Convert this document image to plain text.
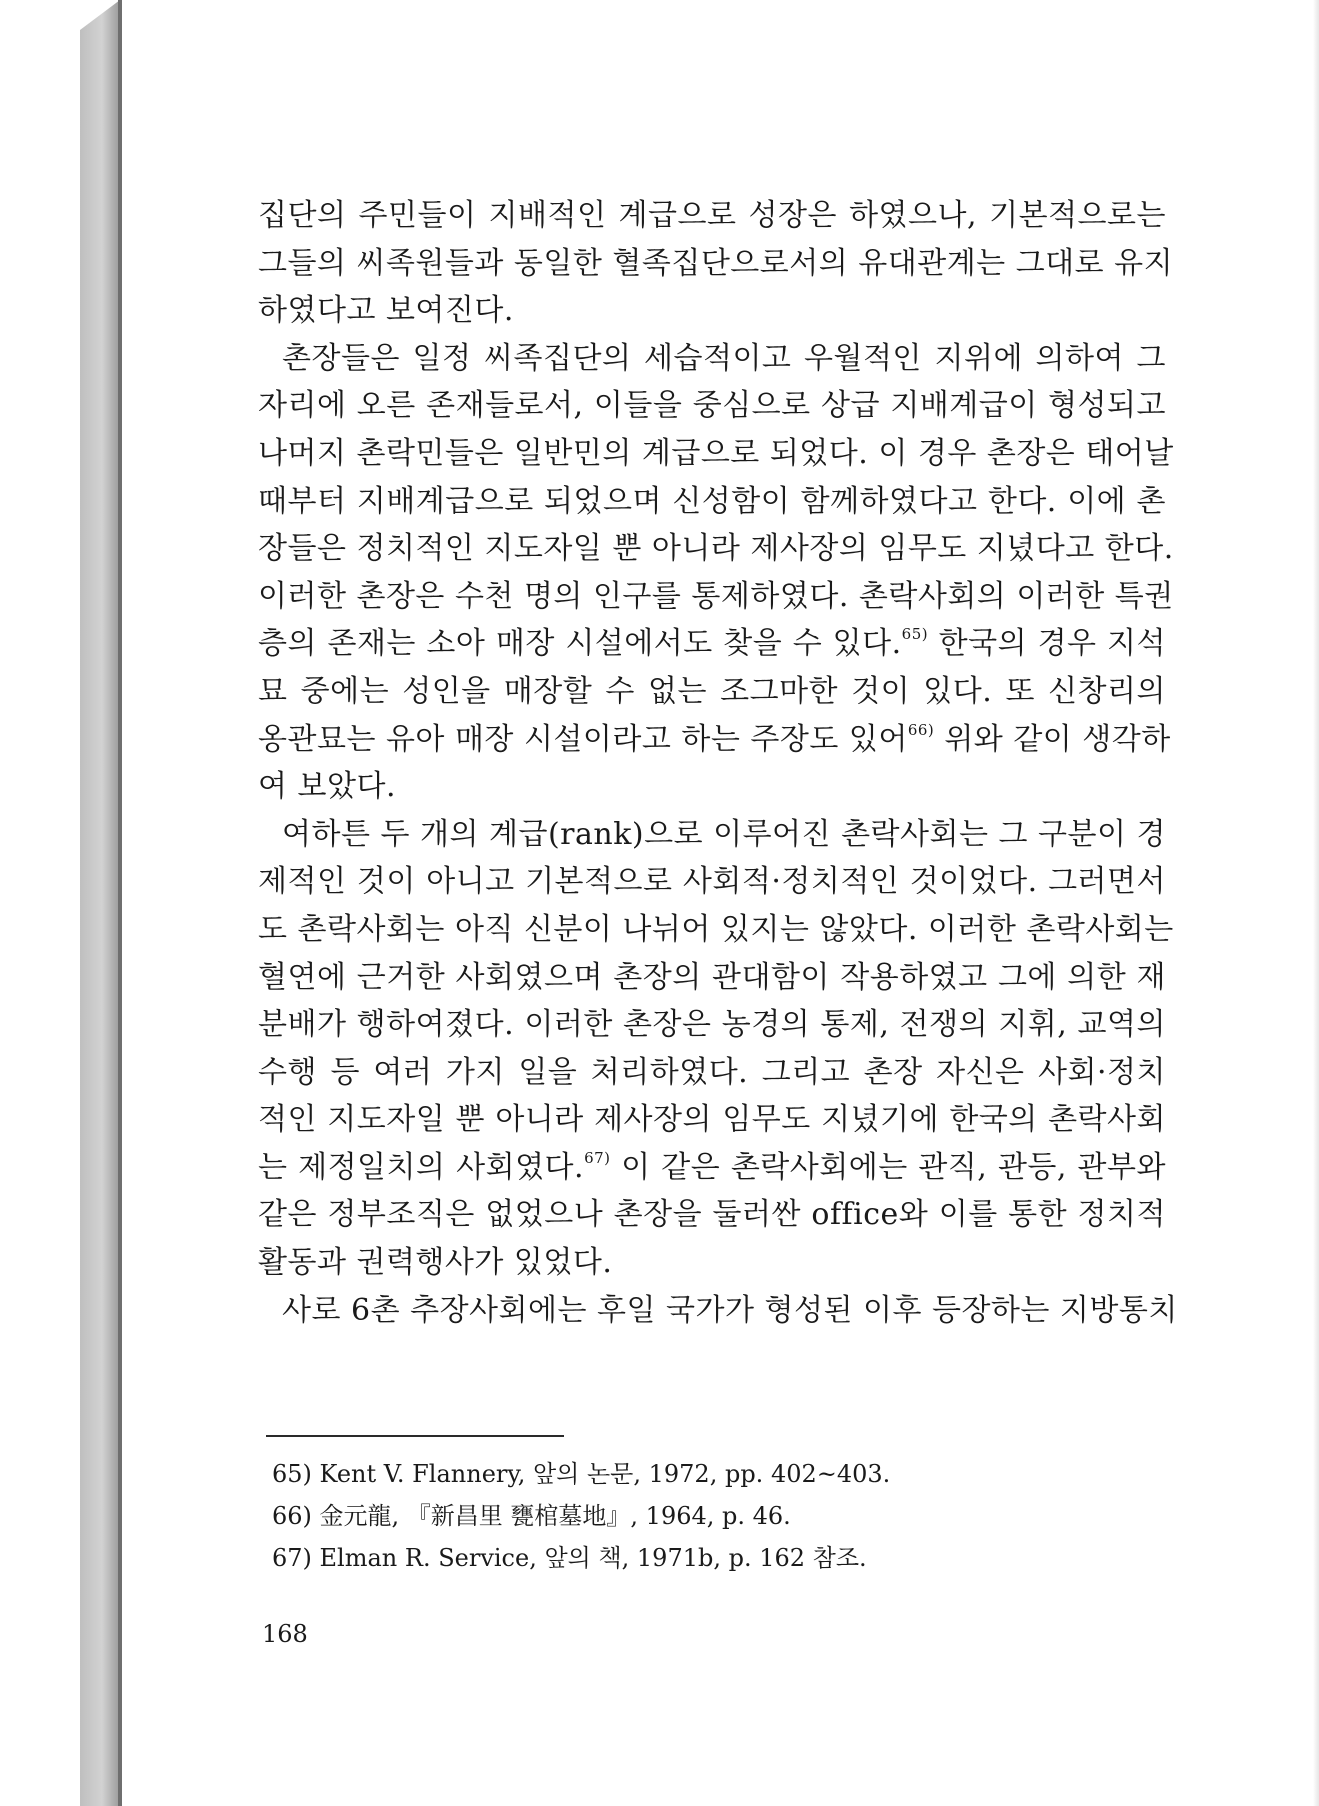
집단의 주민들이 지배적인 계급으로 성장은 하였으나, 기본적으로는
그들의 씨족원들과 동일한 혈족집단으로서의 유대관계는 그대로 유지
하였다고 보여진다.
촌장들은 일정 씨족집단의 세습적이고 우월적인 지위에 의하여 그
자리에 오른 존재들로서, 이들을 중심으로 상급 지배계급이 형성되고
나머지 촌락민들은 일반민의 계급으로 되었다. 이 경우 촌장은 태어날
때부터 지배계급으로 되었으며 신성함이 함께하였다고 한다. 이에 촌
장들은 정치적인 지도자일 뿐 아니라 제사장의 임무도 지녔다고 한다.
이러한 촌장은 수천 명의 인구를 통제하였다. 촌락사회의 이러한 특권
층의 존재는 소아 매장 시설에서도 찾을 수 있다.$^{65)}$ 한국의 경우 지석
묘 중에는 성인을 매장할 수 없는 조그마한 것이 있다. 또 신창리의
옹관묘는 유아 매장 시설이라고 하는 주장도 있어$^{66)}$ 위와 같이 생각하
여 보았다.
여하튼 두 개의 계급(rank)으로 이루어진 촌락사회는 그 구분이 경
제적인 것이 아니고 기본적으로 사회적·정치적인 것이었다. 그러면서
도 촌락사회는 아직 신분이 나뉘어 있지는 않았다. 이러한 촌락사회는
혈연에 근거한 사회였으며 촌장의 관대함이 작용하였고 그에 의한 재
분배가 행하여졌다. 이러한 촌장은 농경의 통제, 전쟁의 지휘, 교역의
수행 등 여러 가지 일을 처리하였다. 그리고 촌장 자신은 사회·정치
적인 지도자일 뿐 아니라 제사장의 임무도 지녔기에 한국의 촌락사회
는 제정일치의 사회였다.$^{67)}$ 이 같은 촌락사회에는 관직, 관등, 관부와
같은 정부조직은 없었으나 촌장을 둘러싼 office와 이를 통한 정치적
활동과 권력행사가 있었다.
사로 6촌 추장사회에는 후일 국가가 형성된 이후 등장하는 지방통치
65) Kent V. Flannery, 앞의 논문, 1972, pp. 402~403.
66) 金元龍, 『新昌里 甕棺墓地』, 1964, p. 46.
67) Elman R. Service, 앞의 책, 1971b, p. 162 참조.
168
